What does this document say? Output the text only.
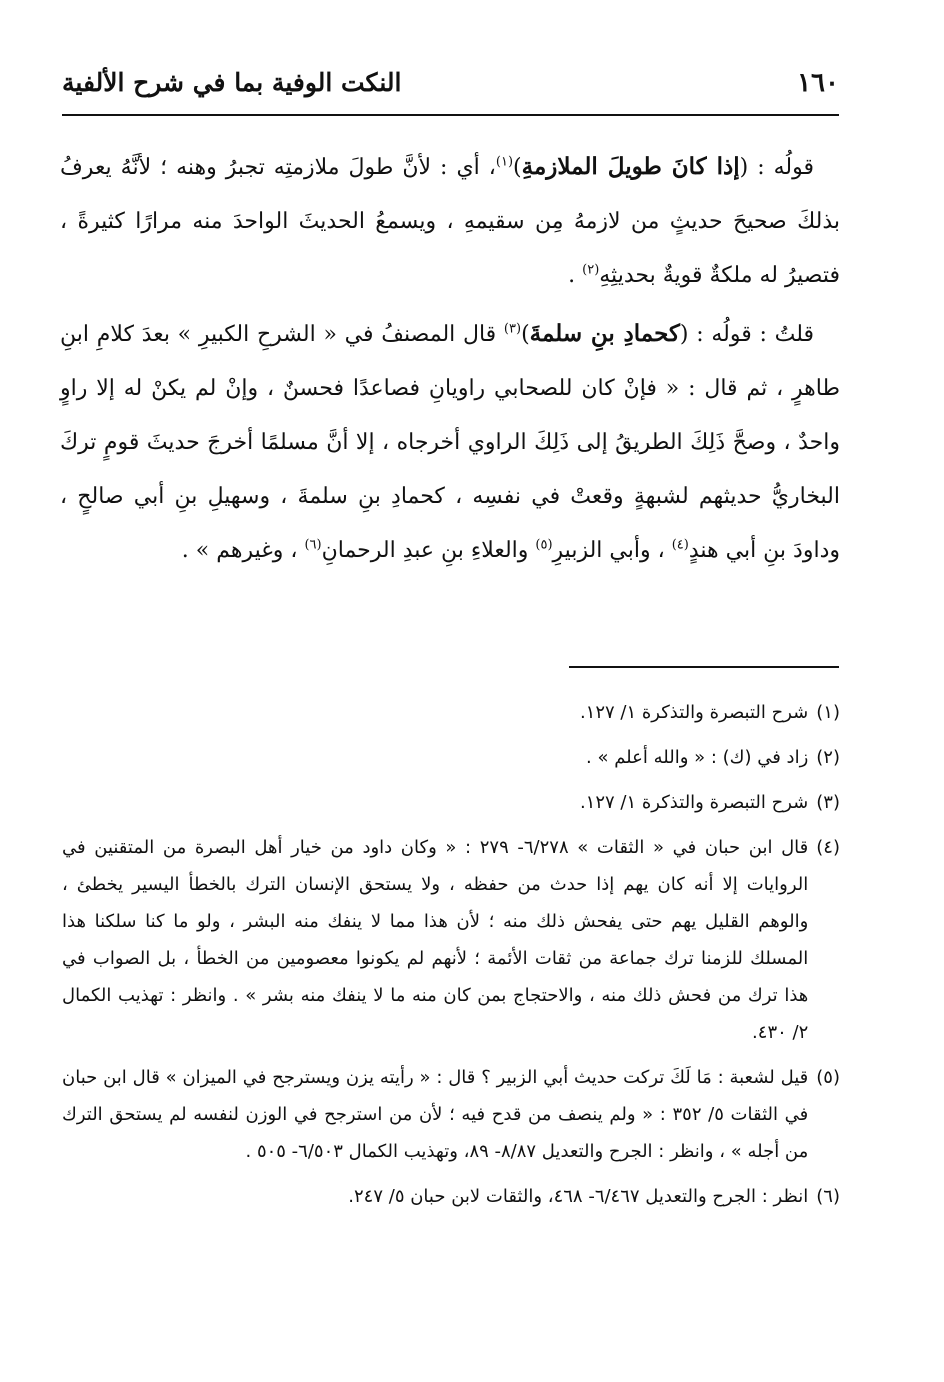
١٦٠
النكت الوفية بما في شرح الألفية

قولُه : (إذا كانَ طويلَ الملازمةِ)$^{(١)}$، أي : لأنَّ طولَ ملازمتِه تجبرُ وهنه ؛ لأنَّهُ يعرفُ بذلكَ صحيحَ حديثٍ من لازمهُ مِن سقيمهِ ، ويسمعُ الحديثَ الواحدَ منه مرارًا كثيرةً ، فتصيرُ له ملكةٌ قويةٌ بحديثِهِ$^{(٢)}$ .

قلتُ : قولُه : (كحمادِ بنِ سلمةَ)$^{(٣)}$ قال المصنفُ في « الشرحِ الكبيرِ » بعدَ كلامِ ابنِ طاهرٍ ، ثم قال : « فإنْ كان للصحابي راويانِ فصاعدًا فحسنٌ ، وإنْ لم يكنْ له إلا راوٍ واحدٌ ، وصحَّ ذَلِكَ الطريقُ إلى ذَلِكَ الراوي أخرجاه ، إلا أنَّ مسلمًا أخرجَ حديثَ قومٍ تركَ البخاريُّ حديثهم لشبهةٍ وقعتْ في نفسِه ، كحمادِ بنِ سلمةَ ، وسهيلِ بنِ أبي صالحٍ ، وداودَ بنِ أبي هندٍ$^{(٤)}$ ، وأبي الزبيرِ$^{(٥)}$ والعلاءِ بنِ عبدِ الرحمانِ$^{(٦)}$ ، وغيرهم » .

(١)
شرح التبصرة والتذكرة ١/ ١٢٧.
(٢)
زاد في (ك) : « والله أعلم » .
(٣)
شرح التبصرة والتذكرة ١/ ١٢٧.
(٤)
قال ابن حبان في « الثقات » ٦/٢٧٨- ٢٧٩ : « وكان داود من خيار أهل البصرة من المتقنين في الروايات إلا أنه كان يهم إذا حدث من حفظه ، ولا يستحق الإنسان الترك بالخطأ اليسير يخطئ ، والوهم القليل يهم حتى يفحش ذلك منه ؛ لأن هذا مما لا ينفك منه البشر ، ولو ما كنا سلكنا هذا المسلك للزمنا ترك جماعة من ثقات الأئمة ؛ لأنهم لم يكونوا معصومين من الخطأ ، بل الصواب في هذا ترك من فحش ذلك منه ، والاحتجاج بمن كان منه ما لا ينفك منه بشر » . وانظر : تهذيب الكمال ٢/ ٤٣٠.
(٥)
قيل لشعبة : مَا لَكَ تركت حديث أبي الزبير ؟ قال : « رأيته يزن ويسترجح في الميزان » قال ابن حبان في الثقات ٥/ ٣٥٢ : « ولم ينصف من قدح فيه ؛ لأن من استرجح في الوزن لنفسه لم يستحق الترك من أجله » ، وانظر : الجرح والتعديل ٨/٨٧- ٨٩، وتهذيب الكمال ٦/٥٠٣- ٥٠٥ .
(٦)
انظر : الجرح والتعديل ٦/٤٦٧- ٤٦٨، والثقات لابن حبان ٥/ ٢٤٧.
